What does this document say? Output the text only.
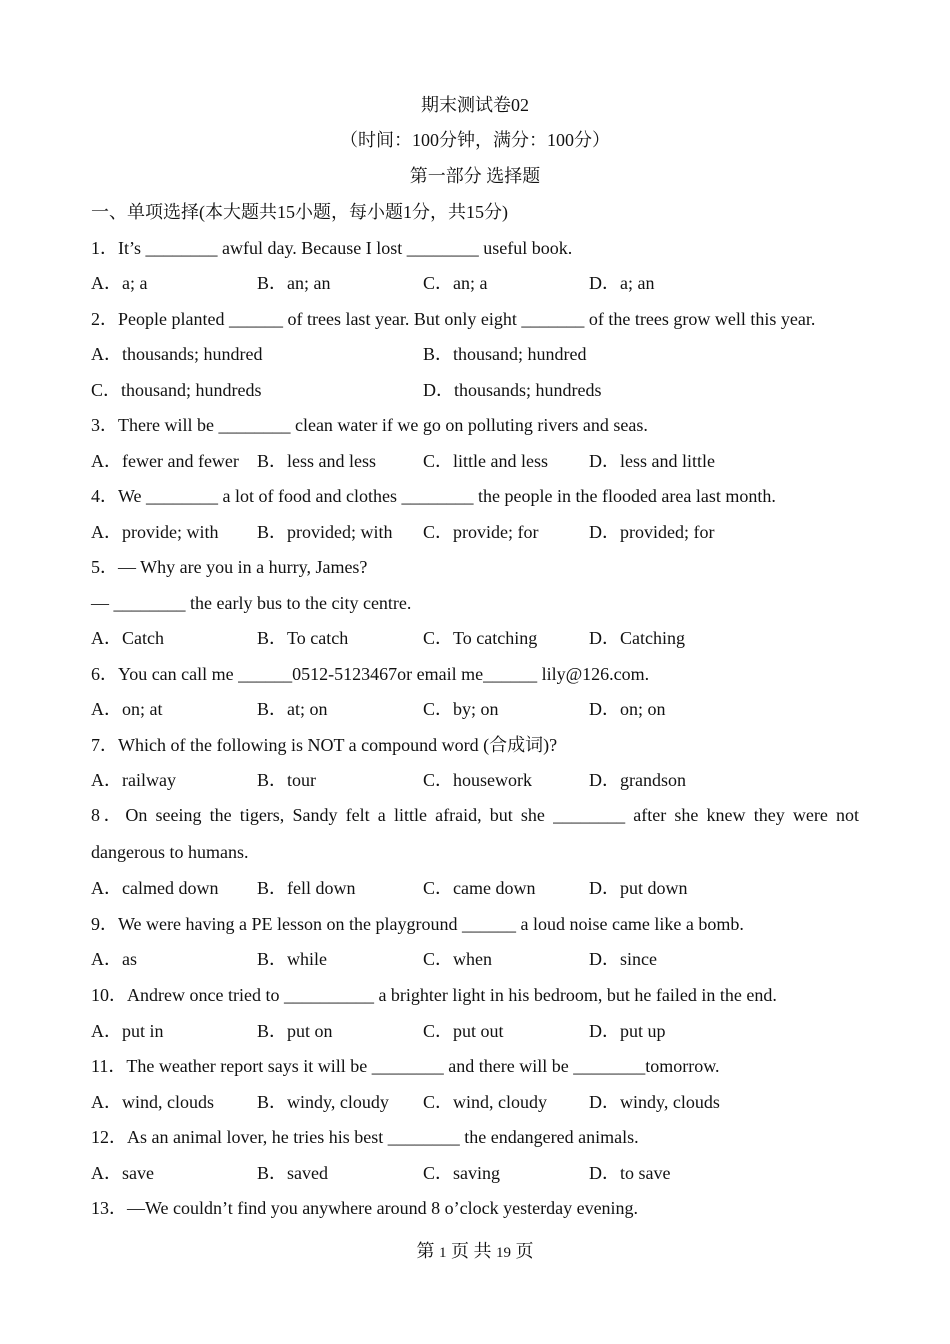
期末测试卷02
（时间：100分钟，满分：100分）
第一部分 选择题
一、单项选择(本大题共15小题，每小题1分，共15分)
1．It’s ________ awful day. Because I lost ________ useful book.
A．a; a	B．an; an	C．an; a	D．a; an
2．People planted ______ of trees last year. But only eight _______ of the trees grow well this year.
A．thousands; hundred	B．thousand; hundred
C．thousand; hundreds	D．thousands; hundreds
3．There will be ________ clean water if we go on polluting rivers and seas.
A．fewer and fewer B．less and less	C．little and less D．less and little
4．We ________ a lot of food and clothes ________ the people in the flooded area last month.
A．provide; with B．provided; with C．provide; for	D．provided; for
5．— Why are you in a hurry, James?
— ________ the early bus to the city centre.
A．Catch	B．To catch	C．To catching	D．Catching
6．You can call me ______0512-5123467or email me______ lily@126.com.
A．on; at	B．at; on	C．by; on	D．on; on
7．Which of the following is NOT a compound word (合成词)?
A．railway	B．tour	C．housework	D．grandson
8．On seeing the tigers, Sandy felt a little afraid, but she ________ after she knew they were not dangerous to humans.
A．calmed down B．fell down	C．came down	D．put down
9．We were having a PE lesson on the playground ______ a loud noise came like a bomb.
A．as	B．while	C．when	D．since
10．Andrew once tried to __________ a brighter light in his bedroom, but he failed in the end.
A．put in	B．put on	C．put out	D．put up
11．The weather report says it will be ________ and there will be ________tomorrow.
A．wind, clouds B．windy, cloudy C．wind, cloudy D．windy, clouds
12．As an animal lover, he tries his best ________ the endangered animals.
A．save	B．saved	C．saving	D．to save
13．—We couldn’t find you anywhere around 8 o’clock yesterday evening.
第 1 页 共 19 页
